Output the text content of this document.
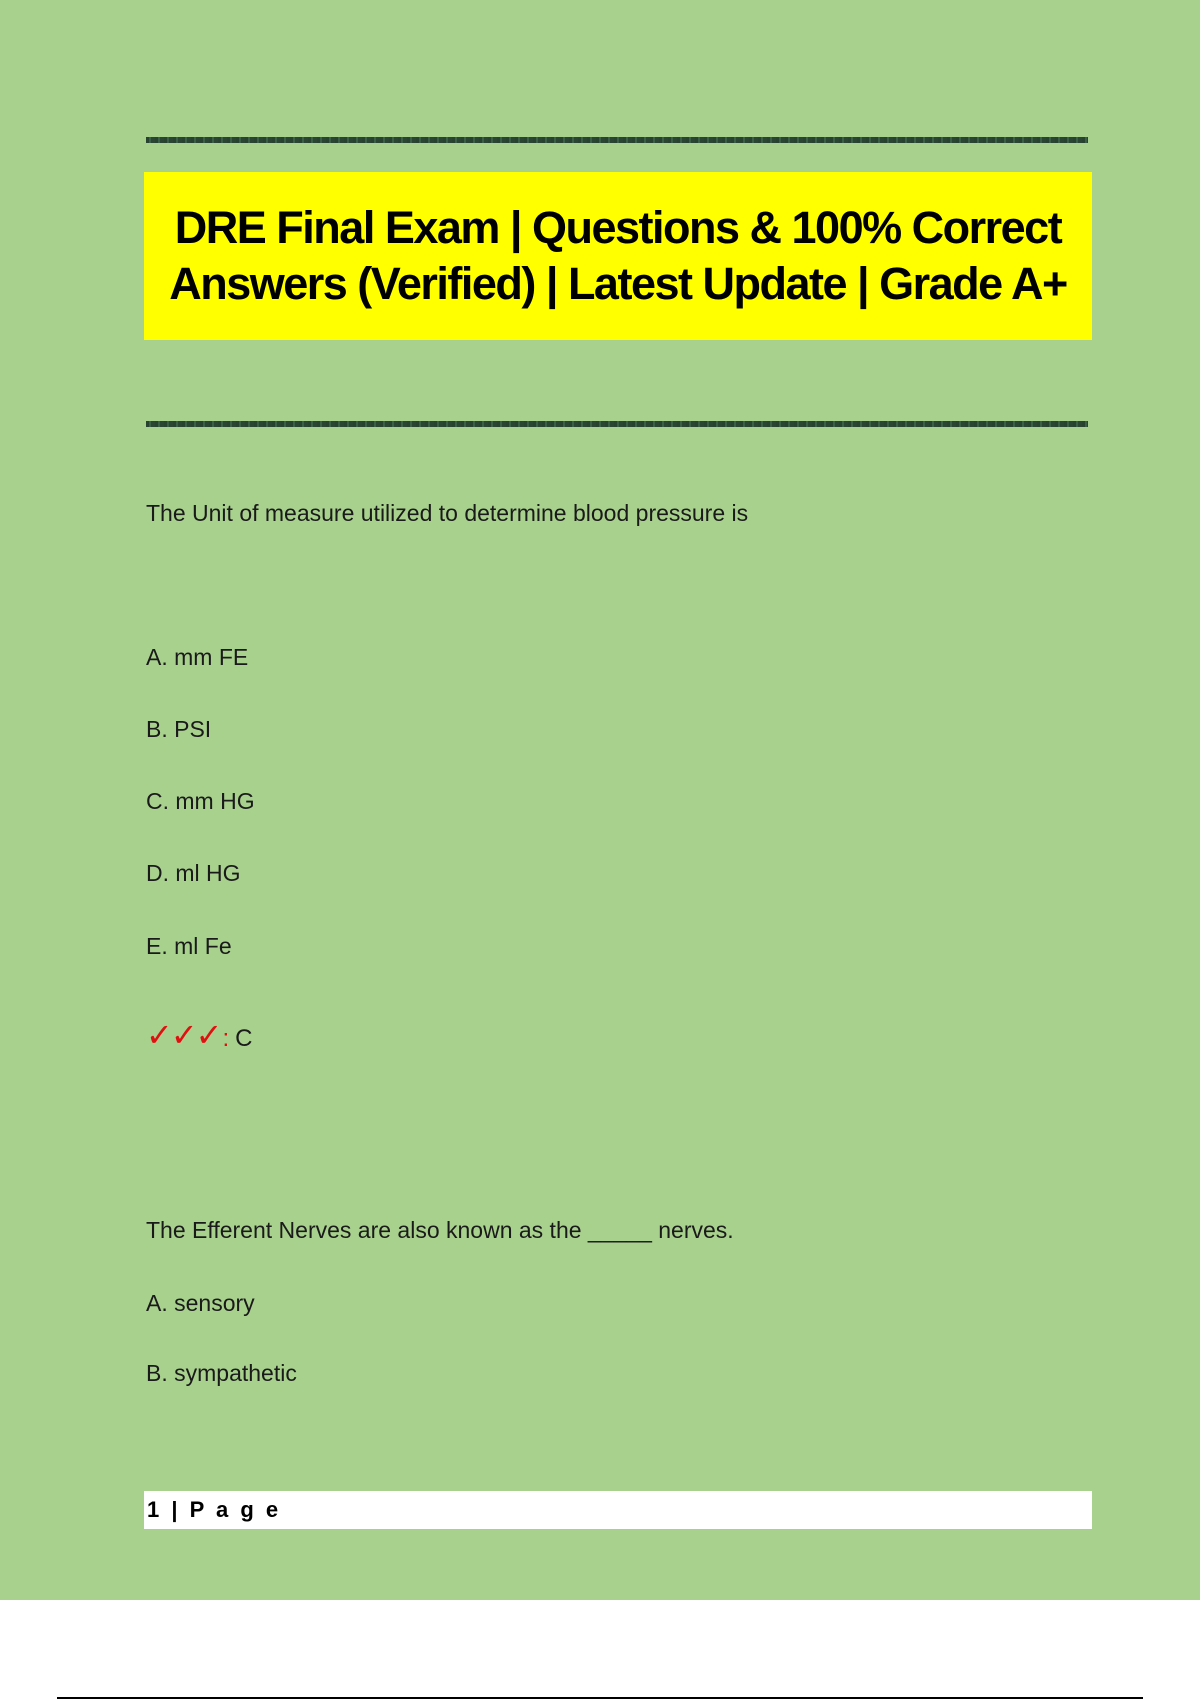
DRE Final Exam | Questions & 100% Correct Answers (Verified) | Latest Update | Grade A+
The Unit of measure utilized to determine blood pressure is
A. mm FE
B. PSI
C. mm HG
D. ml HG
E. ml Fe
✓✓✓ : C
The Efferent Nerves are also known as the _____ nerves.
A. sensory
B. sympathetic
1 | P a g e
